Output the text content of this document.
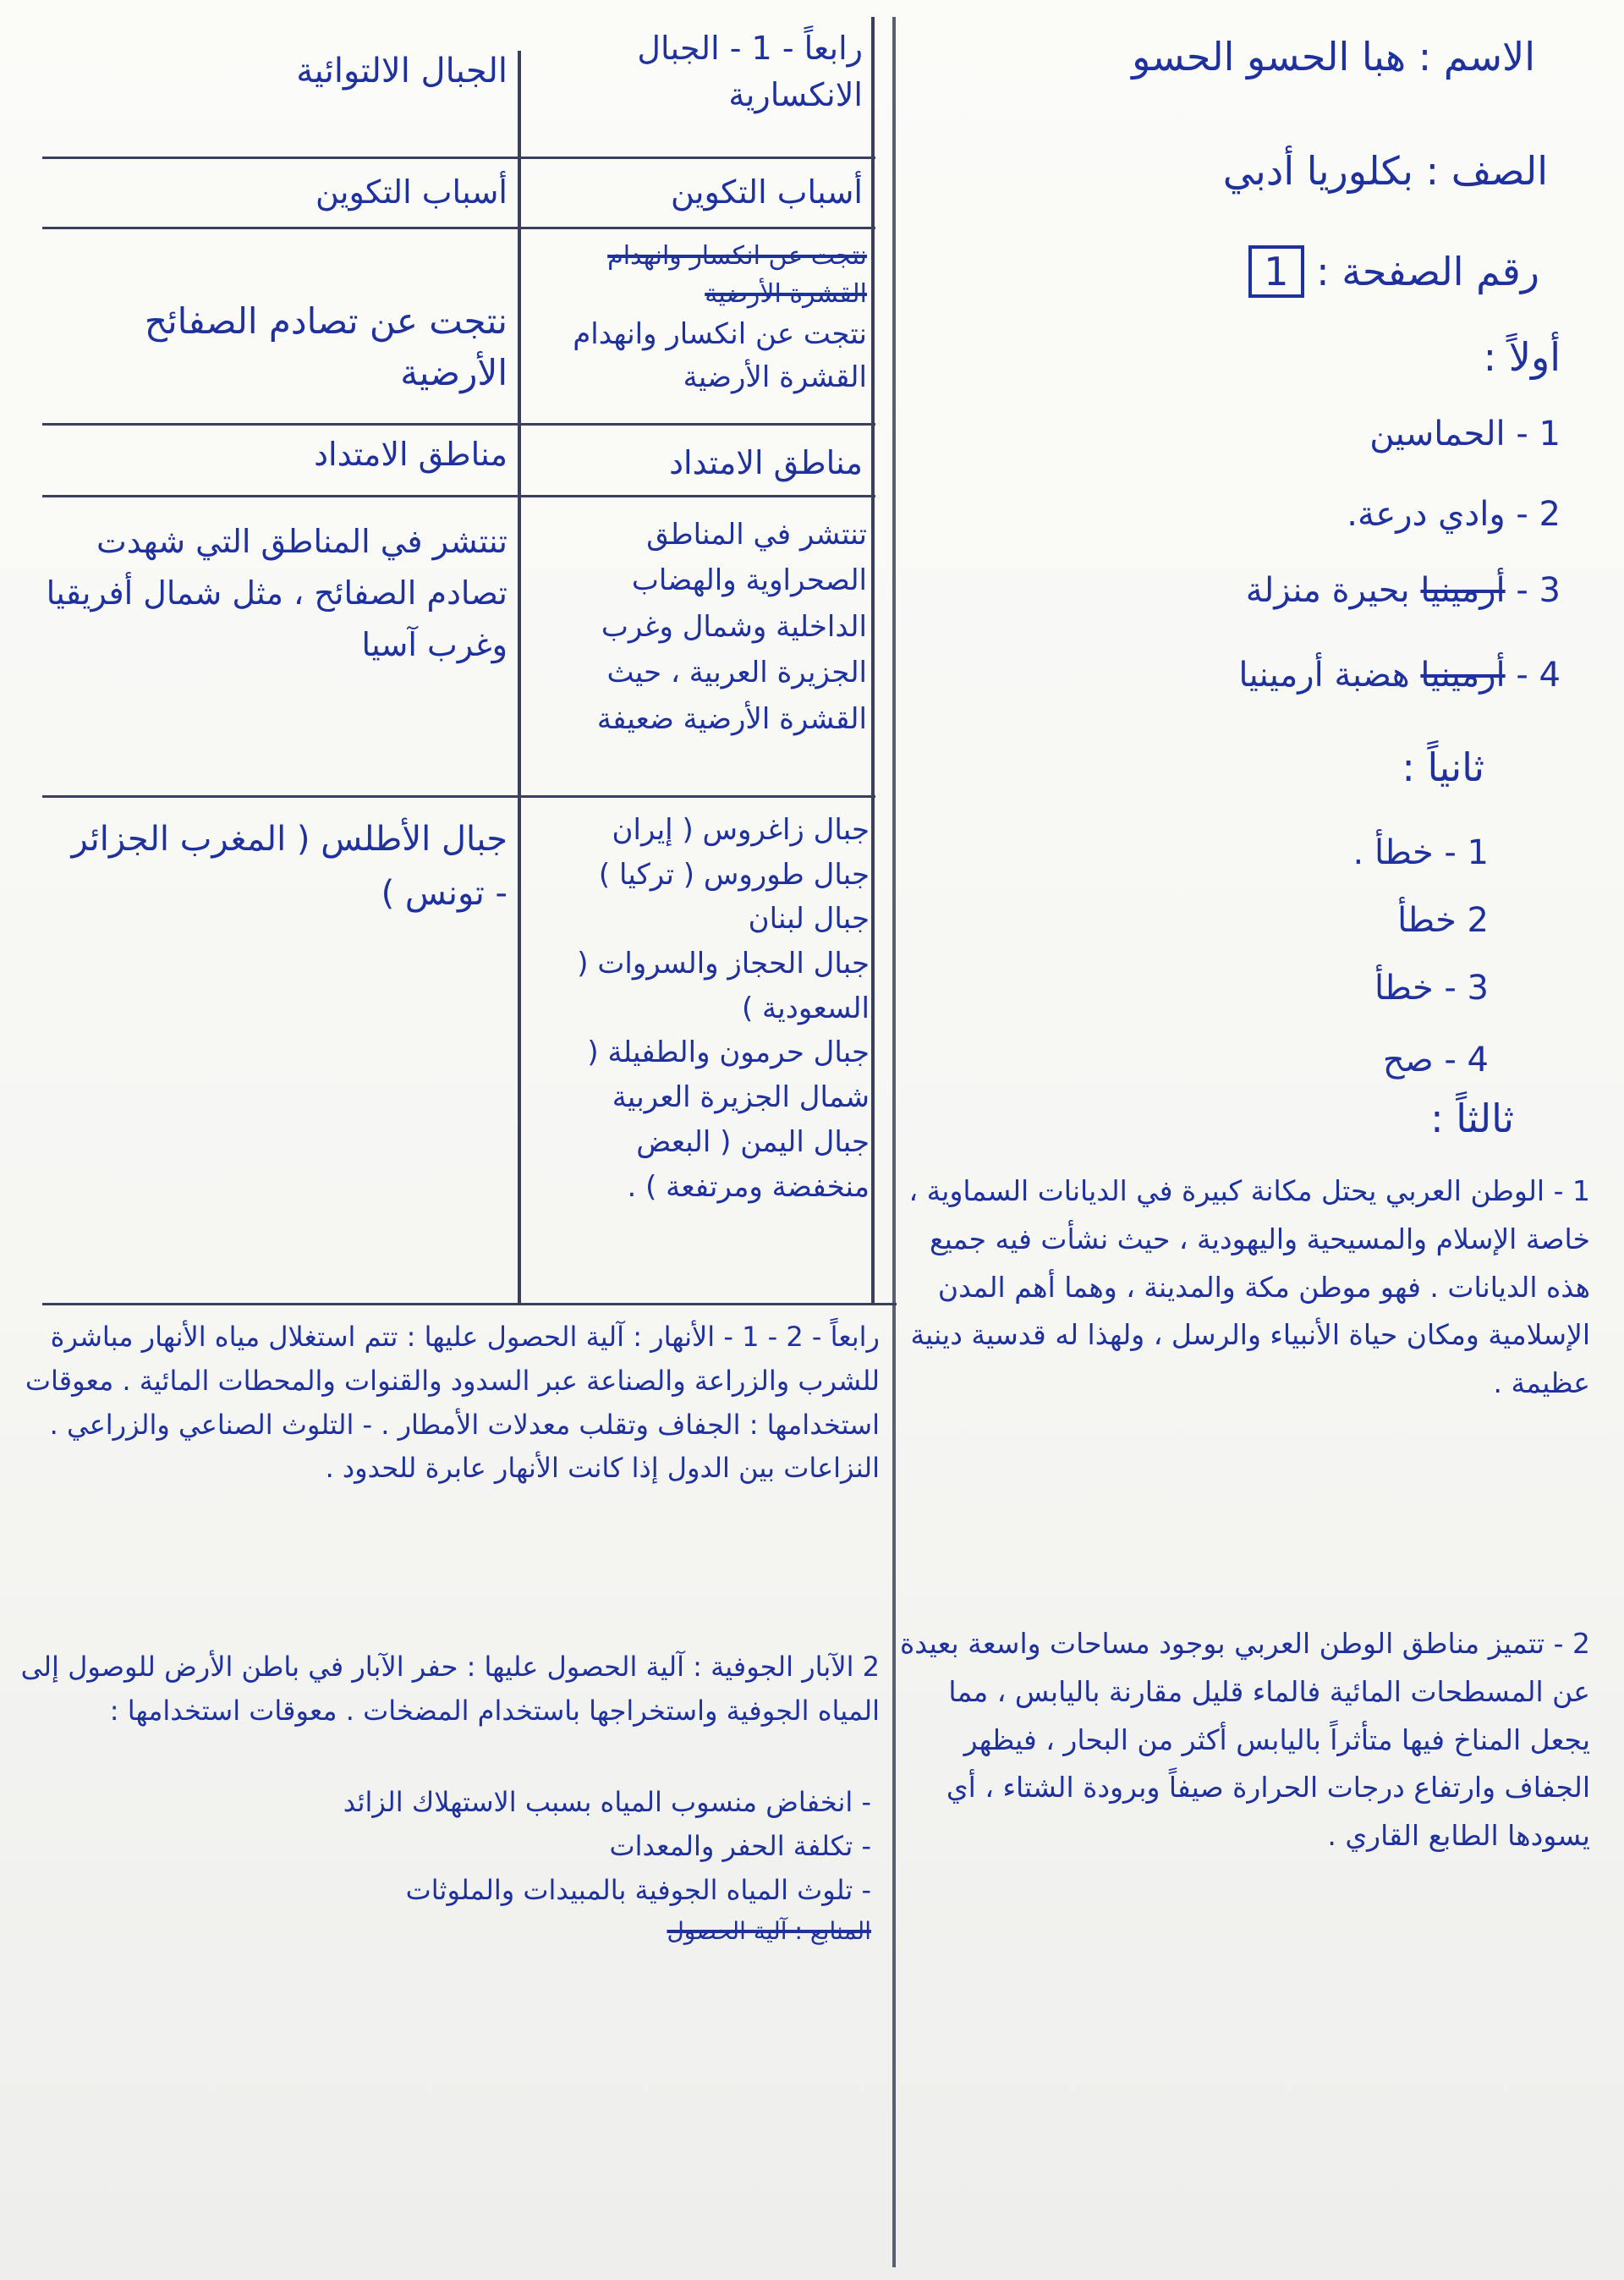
الاسم : هبا الحسو الحسو
الصف : بكلوريا أدبي
رقم الصفحة : 1
أولاً :
1 - الحماسين
2 - وادي درعة.
3 - أرمينيا بحيرة منزلة
4 - أرمينيا هضبة أرمينيا
ثانياً :
1 - خطأ .
2 خطأ
3 - خطأ
4 - صح
ثالثاً :
1 - الوطن العربي يحتل مكانة كبيرة في الديانات السماوية ، خاصة الإسلام والمسيحية واليهودية ، حيث نشأت فيه جميع هذه الديانات . فهو موطن مكة والمدينة ، وهما أهم المدن الإسلامية ومكان حياة الأنبياء والرسل ، ولهذا له قدسية دينية عظيمة .
2 - تتميز مناطق الوطن العربي بوجود مساحات واسعة بعيدة عن المسطحات المائية فالماء قليل مقارنة باليابس ، مما يجعل المناخ فيها متأثراً باليابس أكثر من البحار ، فيظهر الجفاف وارتفاع درجات الحرارة صيفاً وبرودة الشتاء ، أي يسودها الطابع القاري .
رابعاً - 1 - الجبال الانكسارية
الجبال الالتوائية
أسباب التكوين
أسباب التكوين
نتجت عن انكسار وانهدام القشرة الأرضية
نتجت عن انكسار وانهدام القشرة الأرضية
نتجت عن تصادم الصفائح الأرضية
مناطق الامتداد
مناطق الامتداد
تنتشر في المناطق الصحراوية والهضاب الداخلية وشمال وغرب الجزيرة العربية ، حيث القشرة الأرضية ضعيفة
تنتشر في المناطق التي شهدت تصادم الصفائح ، مثل شمال أفريقيا وغرب آسيا
جبال زاغروس ( إيران
جبال طوروس ( تركيا )
جبال لبنان
جبال الحجاز والسروات ( السعودية )
جبال حرمون والطفيلة ( شمال الجزيرة العربية
جبال اليمن ( البعض منخفضة ومرتفعة ) .
جبال الأطلس ( المغرب الجزائر - تونس )
رابعاً - 2 - 1 - الأنهار : آلية الحصول عليها : تتم استغلال مياه الأنهار مباشرة للشرب والزراعة والصناعة عبر السدود والقنوات والمحطات المائية . معوقات استخدامها : الجفاف وتقلب معدلات الأمطار . - التلوث الصناعي والزراعي . النزاعات بين الدول إذا كانت الأنهار عابرة للحدود .
2 الآبار الجوفية : آلية الحصول عليها : حفر الآبار في باطن الأرض للوصول إلى المياه الجوفية واستخراجها باستخدام المضخات . معوقات استخدامها :
- انخفاض منسوب المياه بسبب الاستهلاك الزائد
- تكلفة الحفر والمعدات
- تلوث المياه الجوفية بالمبيدات والملوثات
المنابع : آلية الحصول
